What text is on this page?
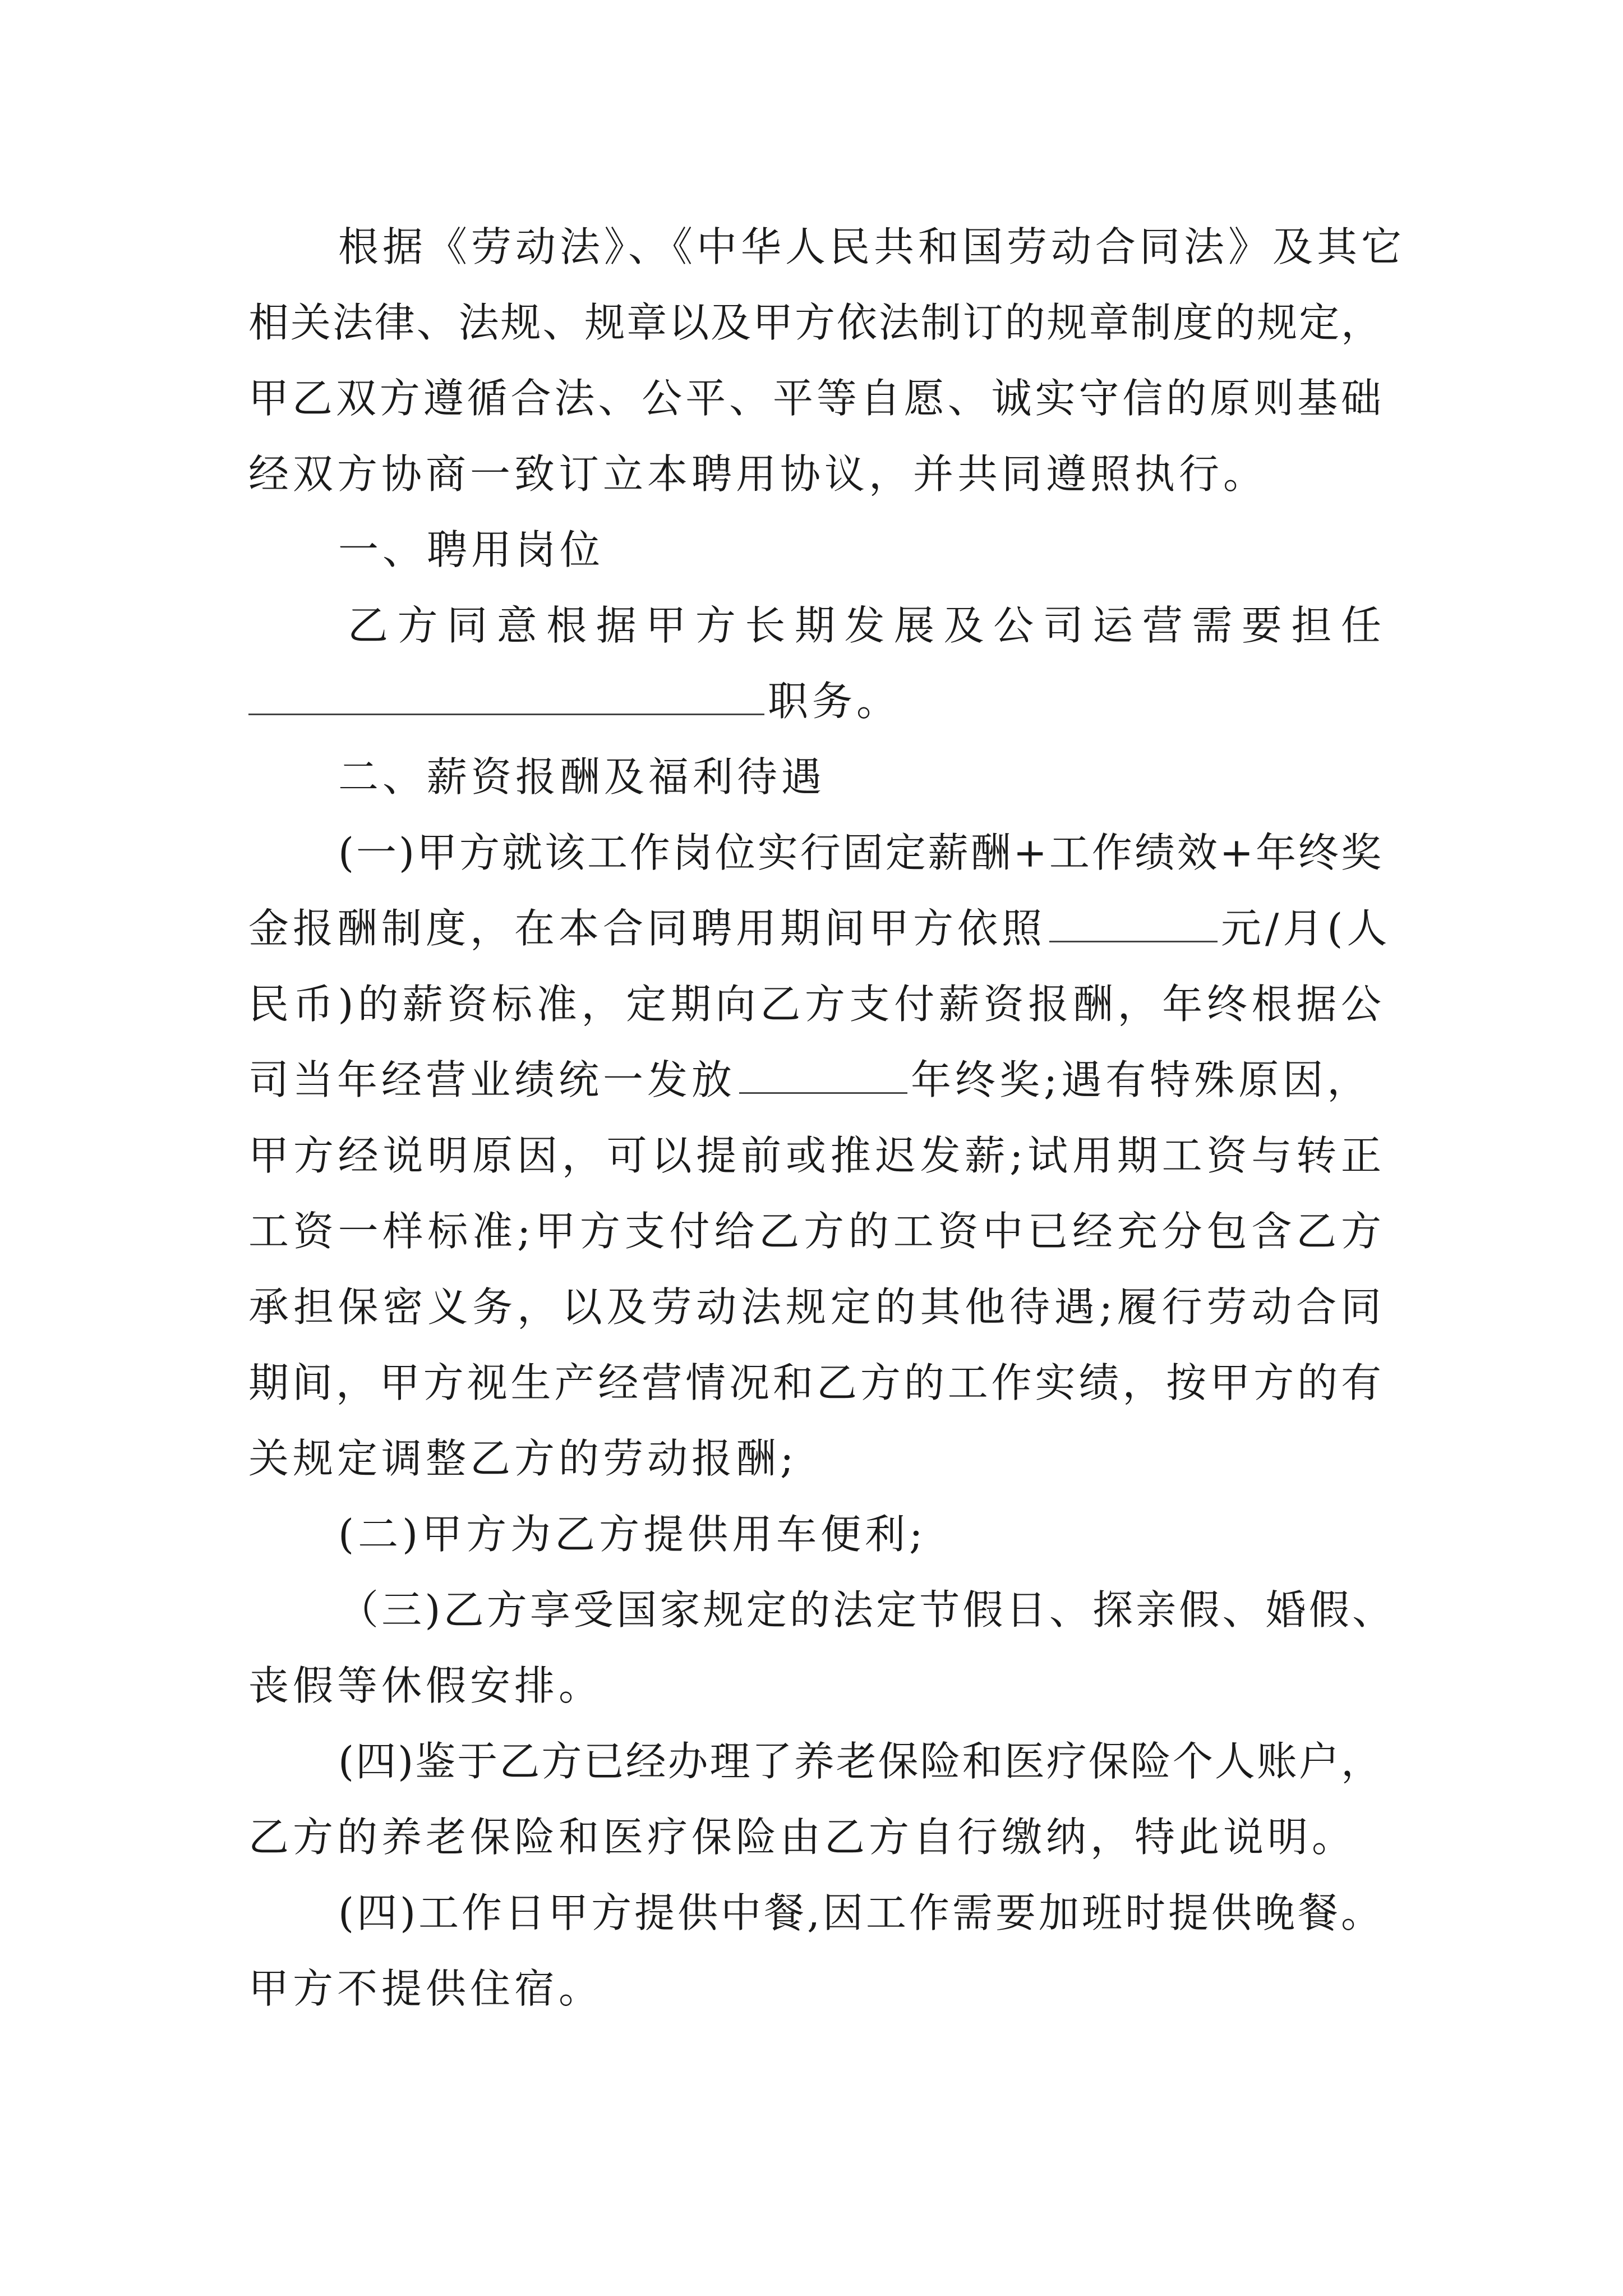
根据《劳动法》、《中华人民共和国劳动合同法》及其它
相关法律、法规、规章以及甲方依法制订的规章制度的规定，
甲乙双方遵循合法、公平、平等自愿、诚实守信的原则基础
经双方协商一致订立本聘用协议，并共同遵照执行。
一、聘用岗位
乙方同意根据甲方长期发展及公司运营需要担任
职务。
二、薪资报酬及福利待遇
(一)甲方就该工作岗位实行固定薪酬+工作绩效+年终奖
金报酬制度，在本合同聘用期间甲方依照	元/月(人
民币)的薪资标准，定期向乙方支付薪资报酬，年终根据公
司当年经营业绩统一发放	年终奖;遇有特殊原因，
甲方经说明原因，可以提前或推迟发薪;试用期工资与转正
工资一样标准;甲方支付给乙方的工资中已经充分包含乙方
承担保密义务，以及劳动法规定的其他待遇;履行劳动合同
期间，甲方视生产经营情况和乙方的工作实绩，按甲方的有
关规定调整乙方的劳动报酬;
(二)甲方为乙方提供用车便利;
（三)乙方享受国家规定的法定节假日、探亲假、婚假、
丧假等休假安排。
(四)鉴于乙方已经办理了养老保险和医疗保险个人账户，
乙方的养老保险和医疗保险由乙方自行缴纳，特此说明。
(四)工作日甲方提供中餐,因工作需要加班时提供晚餐。
甲方不提供住宿。
